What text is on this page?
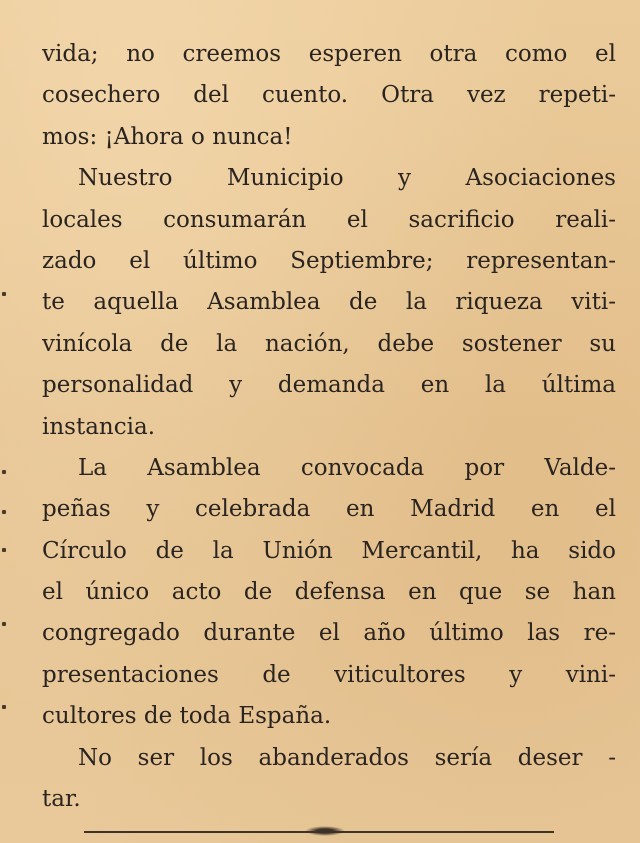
vida; no creemos esperen otra como el
cosechero del cuento. Otra vez repeti-
mos: ¡Ahora o nunca!
Nuestro Municipio y Asociaciones
locales consumarán el sacrificio reali-
zado el último Septiembre; representan-
te aquella Asamblea de la riqueza viti-
vinícola de la nación, debe sostener su
personalidad y demanda en la última
instancia.
La Asamblea convocada por Valde-
peñas y celebrada en Madrid en el
Círculo de la Unión Mercantil, ha sido
el único acto de defensa en que se han
congregado durante el año último las re-
presentaciones de viticultores y vini-
cultores de toda España.
No ser los abanderados sería deser -
tar.
